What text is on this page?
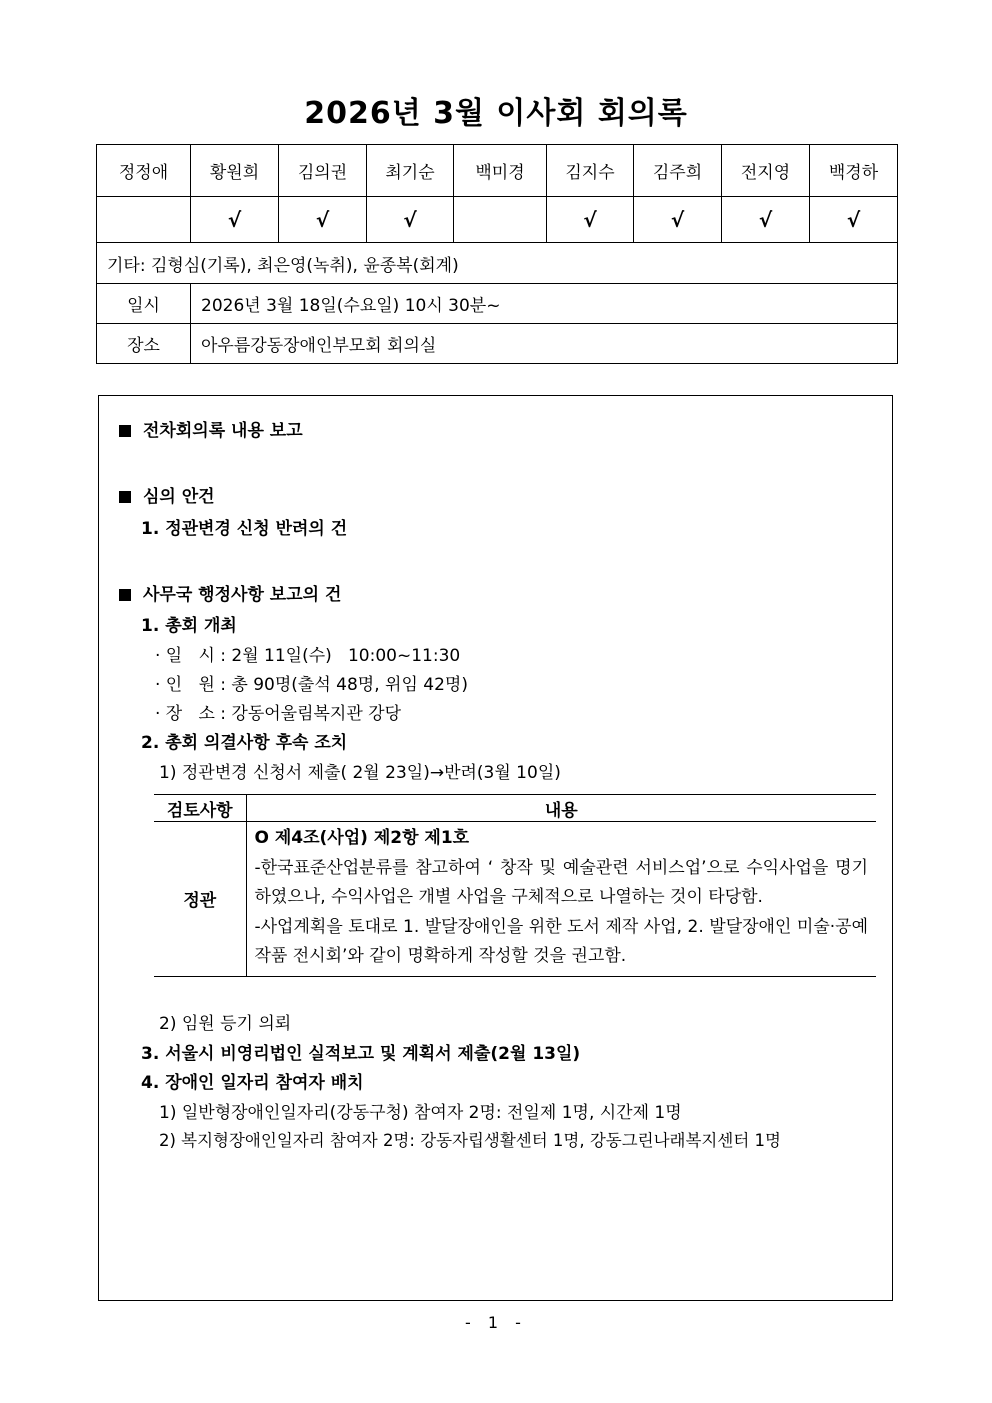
2026년 3월 이사회 회의록
정정애	황원희	김의권	최기순	백미경	김지수	김주희	전지영	백경하
	√	√	√		√	√	√	√
기타: 김형심(기록), 최은영(녹취), 윤종복(회계)								
일시	2026년 3월 18일(수요일) 10시 30분~							
장소	아우름강동장애인부모회 회의실							
전차회의록 내용 보고
심의 안건
1. 정관변경 신청 반려의 건
사무국 행정사항 보고의 건
1. 총회 개최
· 일   시 : 2월 11일(수)   10:00~11:30
· 인   원 : 총 90명(출석 48명, 위임 42명)
· 장   소 : 강동어울림복지관 강당
2. 총회 의결사항 후속 조치
1) 정관변경 신청서 제출( 2월 23일)→반려(3월 10일)
검토사항	내용
정관	O 제4조(사업) 제2항 제1호
-한국표준산업분류를 참고하여 ‘ 창작 및 예술관련 서비스업’으로 수익사업을 명기하였으나, 수익사업은 개별 사업을 구체적으로 나열하는 것이 타당함.
-사업계획을 토대로 1. 발달장애인을 위한 도서 제작 사업, 2. 발달장애인 미술·공예작품 전시회’와 같이 명확하게 작성할 것을 권고함.
2) 임원 등기 의뢰
3. 서울시 비영리법인 실적보고 및 계획서 제출(2월 13일)
4. 장애인 일자리 참여자 배치
1) 일반형장애인일자리(강동구청) 참여자 2명: 전일제 1명, 시간제 1명
2) 복지형장애인일자리 참여자 2명: 강동자립생활센터 1명, 강동그린나래복지센터 1명
- 1 -
